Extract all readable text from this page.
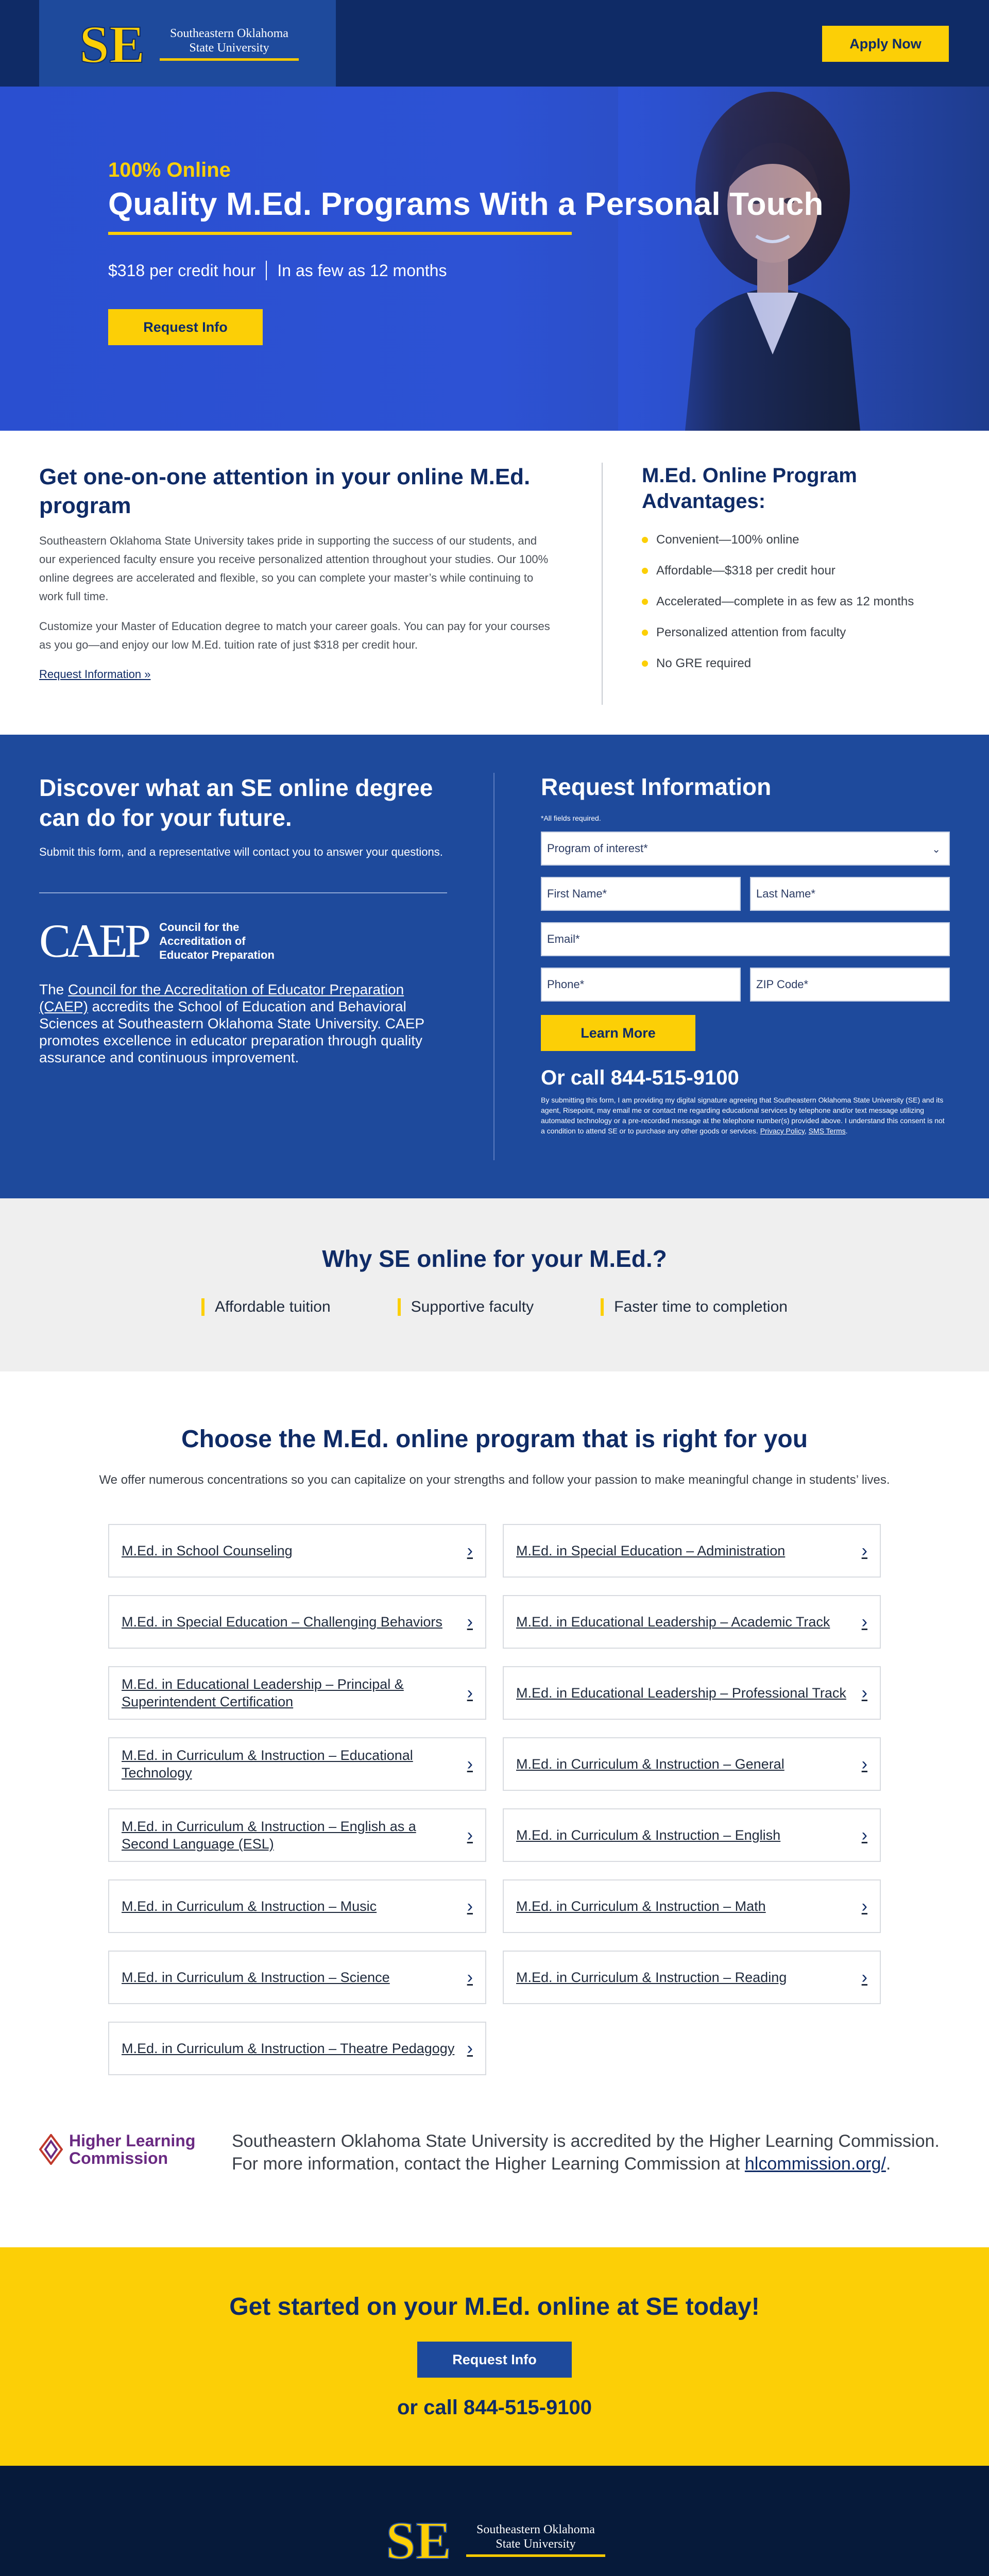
SE	Southeastern Oklahoma
State University	Apply Now
100% Online
Quality M.Ed. Programs With a Personal Touch
$318 per credit hour In as few as 12 months
Request Info
Get one-on-one attention in your online M.Ed. program

Southeastern Oklahoma State University takes pride in supporting the success of our students, and our experienced faculty ensure you receive personalized attention throughout your studies. Our 100% online degrees are accelerated and flexible, so you can complete your master’s while continuing to work full time.

Customize your Master of Education degree to match your career goals. You can pay for your courses as you go—and enjoy our low M.Ed. tuition rate of just $318 per credit hour.

Request Information »
M.Ed. Online Program Advantages:
Convenient—100% online
Affordable—$318 per credit hour
Accelerated—complete in as few as 12 months
Personalized attention from faculty
No GRE required
Discover what an SE online degree can do for your future.

Submit this form, and a representative will contact you to answer your questions.

CAEP Council for the
Accreditation of
Educator Preparation

The Council for the Accreditation of Educator Preparation (CAEP) accredits the School of Education and Behavioral Sciences at Southeastern Oklahoma State University. CAEP promotes excellence in educator preparation through quality assurance and continuous improvement.

Request Information
*All fields required.
Program of interest*	⌄
First Name*	Last Name*
Email*
Phone*	ZIP Code*
Learn More
Or call 844-515-9100

By submitting this form, I am providing my digital signature agreeing that Southeastern Oklahoma State University (SE) and its agent, Risepoint, may email me or contact me regarding educational services by telephone and/or text message utilizing automated technology or a pre-recorded message at the telephone number(s) provided above. I understand this consent is not a condition to attend SE or to purchase any other goods or services. Privacy Policy, SMS Terms.

Why SE online for your M.Ed.?
Affordable tuition	Supportive faculty	Faster time to completion
Choose the M.Ed. online program that is right for you

We offer numerous concentrations so you can capitalize on your strengths and follow your passion to make meaningful change in students’ lives.

M.Ed. in School Counseling	›	M.Ed. in Special Education – Administration	›
M.Ed. in Special Education – Challenging Behaviors ›	M.Ed. in Educational Leadership – Academic Track ›
M.Ed. in Educational Leadership – Principal & Superintendent Certification	›	M.Ed. in Educational Leadership – Professional Track ›
M.Ed. in Curriculum & Instruction – Educational Technology	›	M.Ed. in Curriculum & Instruction – General	›
M.Ed. in Curriculum & Instruction – English as a Second Language (ESL)	›	M.Ed. in Curriculum & Instruction – English	›
M.Ed. in Curriculum & Instruction – Music	›	M.Ed. in Curriculum & Instruction – Math	›
M.Ed. in Curriculum & Instruction – Science	›	M.Ed. in Curriculum & Instruction – Reading	›
M.Ed. in Curriculum & Instruction – Theatre Pedagogy ›
Higher Learning
Commission

Southeastern Oklahoma State University is accredited by the Higher Learning Commission. For more information, contact the Higher Learning Commission at hlcommission.org/.

Get started on your M.Ed. online at SE today!
Request Info
or call 844-515-9100
SE	Southeastern Oklahoma
State University
